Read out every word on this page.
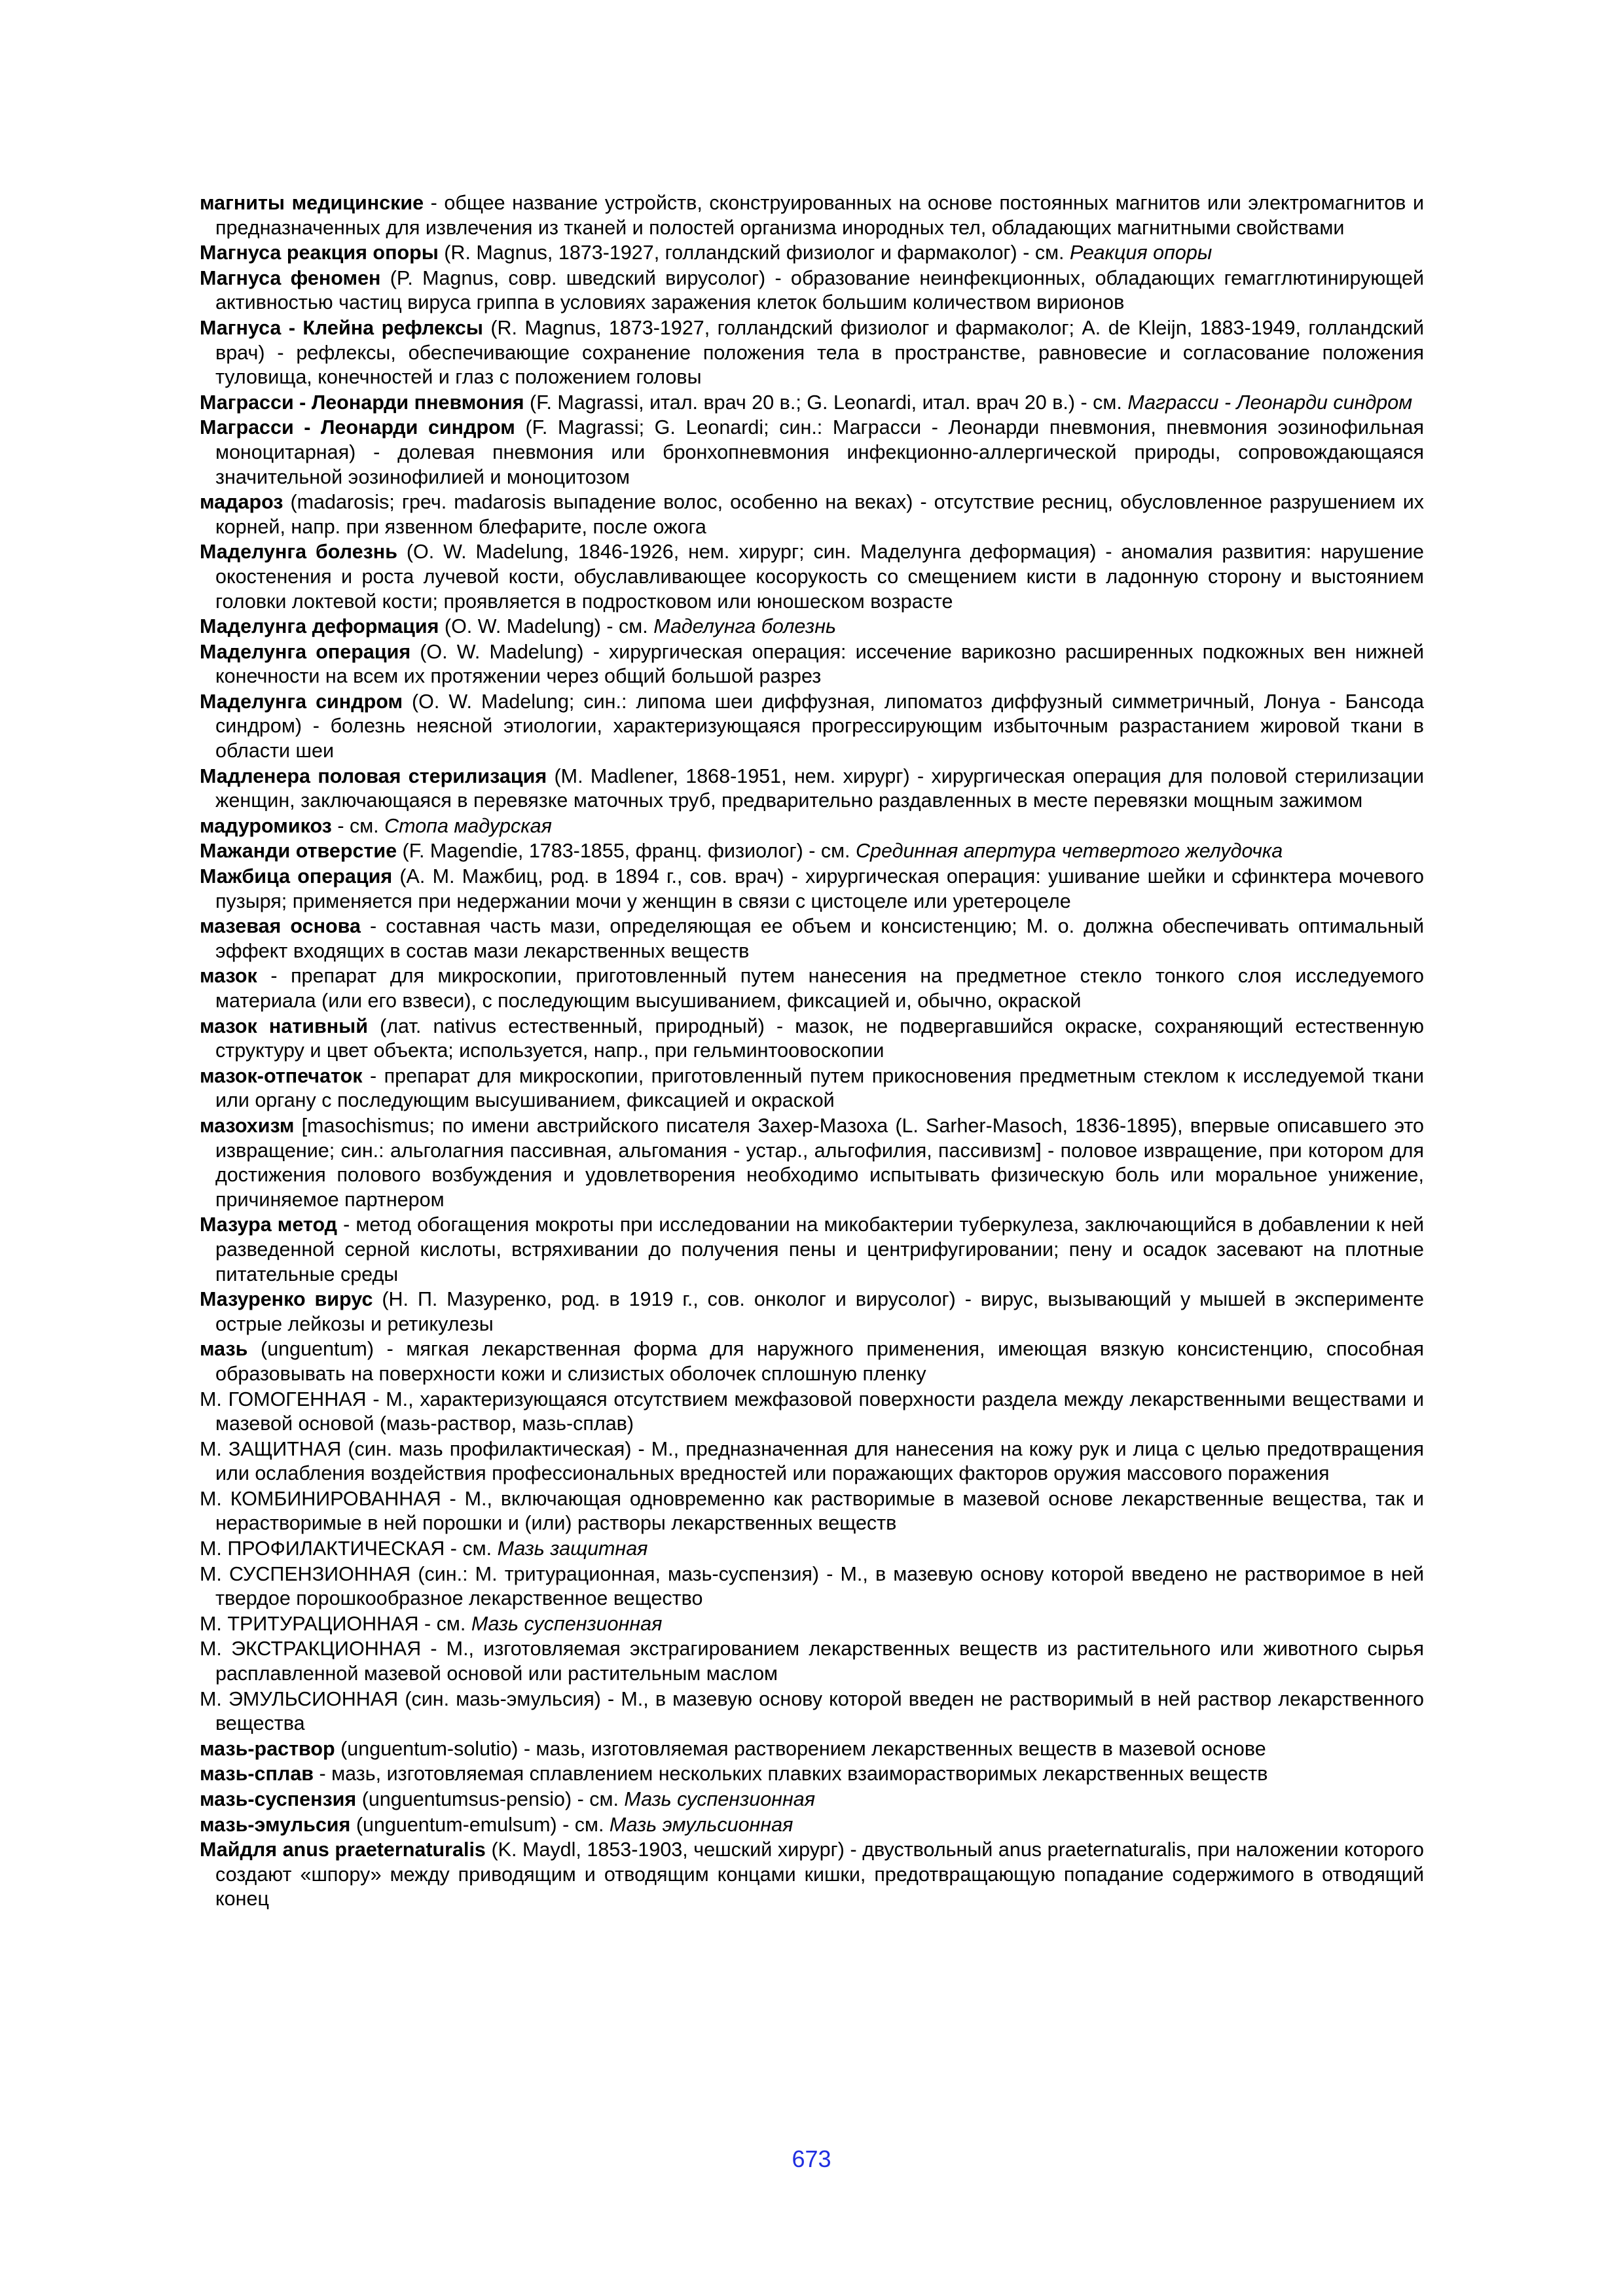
магниты медицинские - общее название устройств, сконструированных на основе постоянных магнитов или электромагнитов и предназначенных для извлечения из тканей и полостей организма инородных тел, обладающих магнитными свойствами

Магнуса реакция опоры (R. Magnus, 1873-1927, голландский физиолог и фармаколог) - см. Реакция опоры

Магнуса феномен (P. Magnus, совр. шведский вирусолог) - образование неинфекционных, обладающих гемагглютинирующей активностью частиц вируса гриппа в условиях заражения клеток большим количеством вирионов

Магнуса - Клейна рефлексы (R. Magnus, 1873-1927, голландский физиолог и фармаколог; A. de Kleijn, 1883-1949, голландский врач) - рефлексы, обеспечивающие сохранение положения тела в пространстве, равновесие и согласование положения туловища, конечностей и глаз с положением головы

Маграсси - Леонарди пневмония (F. Magrassi, итал. врач 20 в.; G. Leonardi, итал. врач 20 в.) - см. Маграсси - Леонарди синдром

Маграсси - Леонарди синдром (F. Magrassi; G. Leonardi; син.: Маграсси - Леонарди пневмония, пневмония эозинофильная моноцитарная) - долевая пневмония или бронхопневмония инфекционно-аллергической природы, сопровождающаяся значительной эозинофилией и моноцитозом

мадароз (madarosis; греч. madarosis выпадение волос, особенно на веках) - отсутствие ресниц, обусловленное разрушением их корней, напр. при язвенном блефарите, после ожога

Маделунга болезнь (O. W. Madelung, 1846-1926, нем. хирург; син. Маделунга деформация) - аномалия развития: нарушение окостенения и роста лучевой кости, обуславливающее косорукость со смещением кисти в ладонную сторону и выстоянием головки локтевой кости; проявляется в подростковом или юношеском возрасте

Маделунга деформация (O. W. Madelung) - см. Маделунга болезнь

Маделунга операция (O. W. Madelung) - хирургическая операция: иссечение варикозно расширенных подкожных вен нижней конечности на всем их протяжении через общий большой разрез

Маделунга синдром (O. W. Madelung; син.: липома шеи диффузная, липоматоз диффузный симметричный, Лонуа - Бансода синдром) - болезнь неясной этиологии, характеризующаяся прогрессирующим избыточным разрастанием жировой ткани в области шеи

Мадленера половая стерилизация (M. Madlener, 1868-1951, нем. хирург) - хирургическая операция для половой стерилизации женщин, заключающаяся в перевязке маточных труб, предварительно раздавленных в месте перевязки мощным зажимом

мадуромикоз - см. Стопа мадурская

Мажанди отверстие (F. Magendie, 1783-1855, франц. физиолог) - см. Срединная апертура четвертого желудочка

Мажбица операция (А. М. Мажбиц, род. в 1894 г., сов. врач) - хирургическая операция: ушивание шейки и сфинктера мочевого пузыря; применяется при недержании мочи у женщин в связи с цистоцеле или уретероцеле

мазевая основа - составная часть мази, определяющая ее объем и консистенцию; М. о. должна обеспечивать оптимальный эффект входящих в состав мази лекарственных веществ

мазок - препарат для микроскопии, приготовленный путем нанесения на предметное стекло тонкого слоя исследуемого материала (или его взвеси), с последующим высушиванием, фиксацией и, обычно, окраской

мазок нативный (лат. nativus естественный, природный) - мазок, не подвергавшийся окраске, сохраняющий естественную структуру и цвет объекта; используется, напр., при гельминтоовоскопии

мазок-отпечаток - препарат для микроскопии, приготовленный путем прикосновения предметным стеклом к исследуемой ткани или органу с последующим высушиванием, фиксацией и окраской

мазохизм [masochismus; по имени австрийского писателя Захер-Мазоха (L. Sarher-Masoch, 1836-1895), впервые описавшего это извращение; син.: альголагния пассивная, альгомания - устар., альгофилия, пассивизм] - половое извращение, при котором для достижения полового возбуждения и удовлетворения необходимо испытывать физическую боль или моральное унижение, причиняемое партнером

Мазура метод - метод обогащения мокроты при исследовании на микобактерии туберкулеза, заключающийся в добавлении к ней разведенной серной кислоты, встряхивании до получения пены и центрифугировании; пену и осадок засевают на плотные питательные среды

Мазуренко вирус (Н. П. Мазуренко, род. в 1919 г., сов. онколог и вирусолог) - вирус, вызывающий у мышей в эксперименте острые лейкозы и ретикулезы

мазь (unguentum) - мягкая лекарственная форма для наружного применения, имеющая вязкую консистенцию, способная образовывать на поверхности кожи и слизистых оболочек сплошную пленку

М. ГОМОГЕННАЯ - М., характеризующаяся отсутствием межфазовой поверхности раздела между лекарственными веществами и мазевой основой (мазь-раствор, мазь-сплав)

М. ЗАЩИТНАЯ (син. мазь профилактическая) - М., предназначенная для нанесения на кожу рук и лица с целью предотвращения или ослабления воздействия профессиональных вредностей или поражающих факторов оружия массового поражения

М. КОМБИНИРОВАННАЯ - М., включающая одновременно как растворимые в мазевой основе лекарственные вещества, так и нерастворимые в ней порошки и (или) растворы лекарственных веществ

М. ПРОФИЛАКТИЧЕСКАЯ - см. Мазь защитная

М. СУСПЕНЗИОННАЯ (син.: М. тритурационная, мазь-суспензия) - М., в мазевую основу которой введено не растворимое в ней твердое порошкообразное лекарственное вещество

М. ТРИТУРАЦИОННАЯ - см. Мазь суспензионная

М. ЭКСТРАКЦИОННАЯ - М., изготовляемая экстрагированием лекарственных веществ из растительного или животного сырья расплавленной мазевой основой или растительным маслом

М. ЭМУЛЬСИОННАЯ (син. мазь-эмульсия) - М., в мазевую основу которой введен не растворимый в ней раствор лекарственного вещества

мазь-раствор (unguentum-solutio) - мазь, изготовляемая растворением лекарственных веществ в мазевой основе

мазь-сплав - мазь, изготовляемая сплавлением нескольких плавких взаиморастворимых лекарственных веществ

мазь-суспензия (unguentumsus-pensio) - см. Мазь суспензионная

мазь-эмульсия (unguentum-emulsum) - см. Мазь эмульсионная

Майдля anus praeternaturalis (K. Maydl, 1853-1903, чешский хирург) - двуствольный anus praeternaturalis, при наложении которого создают «шпору» между приводящим и отводящим концами кишки, предотвращающую попадание содержимого в отводящий конец

673
